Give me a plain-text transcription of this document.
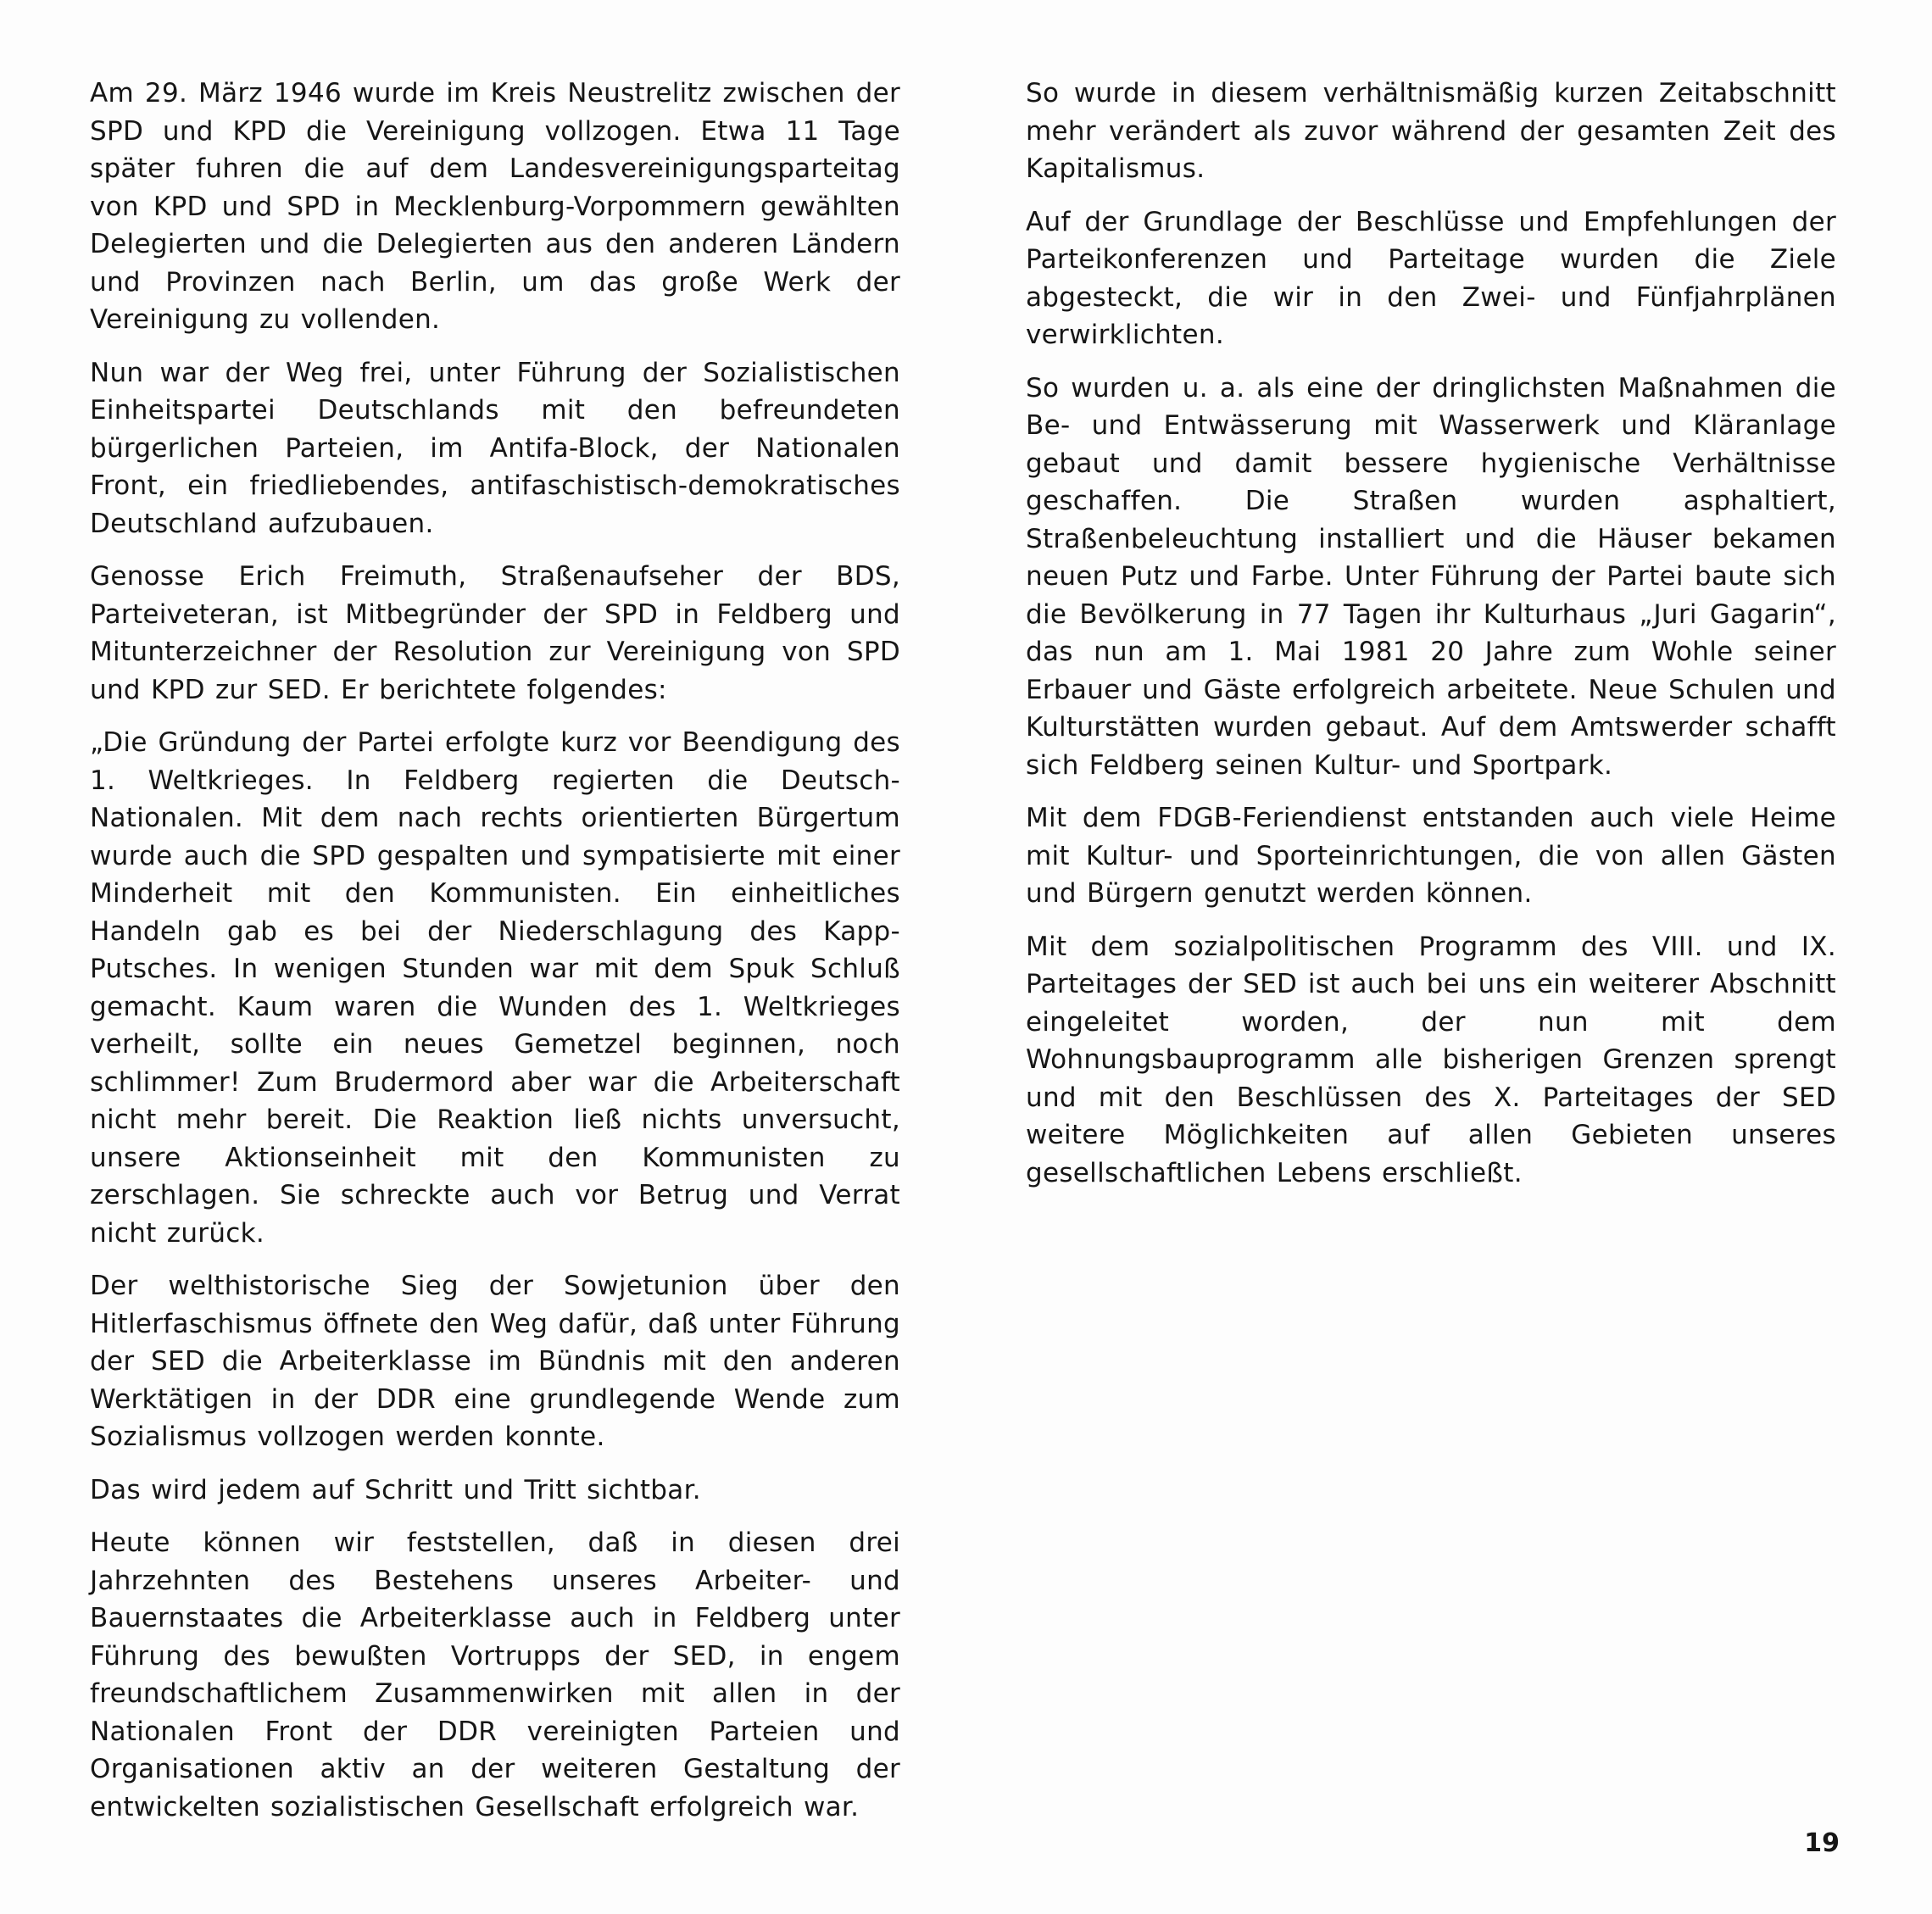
Am 29. März 1946 wurde im Kreis Neustrelitz zwischen der SPD und KPD die Vereinigung vollzogen. Etwa 11 Tage später fuhren die auf dem Landesvereinigungsparteitag von KPD und SPD in Mecklenburg-Vorpommern gewählten Delegierten und die Delegierten aus den anderen Ländern und Provinzen nach Berlin, um das große Werk der Vereinigung zu vollenden.

Nun war der Weg frei, unter Führung der Sozialistischen Einheitspartei Deutschlands mit den befreundeten bürgerlichen Parteien, im Antifa-Block, der Nationalen Front, ein friedliebendes, antifaschistisch-demokratisches Deutschland aufzubauen.

Genosse Erich Freimuth, Straßenaufseher der BDS, Parteiveteran, ist Mitbegründer der SPD in Feldberg und Mitunterzeichner der Resolution zur Vereinigung von SPD und KPD zur SED. Er berichtete folgendes:

„Die Gründung der Partei erfolgte kurz vor Beendigung des 1. Weltkrieges. In Feldberg regierten die Deutsch-Nationalen. Mit dem nach rechts orientierten Bürgertum wurde auch die SPD gespalten und sympatisierte mit einer Minderheit mit den Kommunisten. Ein einheitliches Handeln gab es bei der Niederschlagung des Kapp-Putsches. In wenigen Stunden war mit dem Spuk Schluß gemacht. Kaum waren die Wunden des 1. Weltkrieges verheilt, sollte ein neues Gemetzel beginnen, noch schlimmer! Zum Brudermord aber war die Arbeiterschaft nicht mehr bereit. Die Reaktion ließ nichts unversucht, unsere Aktionseinheit mit den Kommunisten zu zerschlagen. Sie schreckte auch vor Betrug und Verrat nicht zurück.

Der welthistorische Sieg der Sowjetunion über den Hitlerfaschismus öffnete den Weg dafür, daß unter Führung der SED die Arbeiterklasse im Bündnis mit den anderen Werktätigen in der DDR eine grundlegende Wende zum Sozialismus vollzogen werden konnte.

Das wird jedem auf Schritt und Tritt sichtbar.

Heute können wir feststellen, daß in diesen drei Jahrzehnten des Bestehens unseres Arbeiter- und Bauernstaates die Arbeiterklasse auch in Feldberg unter Führung des bewußten Vortrupps der SED, in engem freundschaftlichem Zusammenwirken mit allen in der Nationalen Front der DDR vereinigten Parteien und Organisationen aktiv an der weiteren Gestaltung der entwickelten sozialistischen Gesellschaft erfolgreich war.

So wurde in diesem verhältnismäßig kurzen Zeitabschnitt mehr verändert als zuvor während der gesamten Zeit des Kapitalismus.

Auf der Grundlage der Beschlüsse und Empfehlungen der Parteikonferenzen und Parteitage wurden die Ziele abgesteckt, die wir in den Zwei- und Fünfjahrplänen verwirklichten.

So wurden u. a. als eine der dringlichsten Maßnahmen die Be- und Entwässerung mit Wasserwerk und Kläranlage gebaut und damit bessere hygienische Verhältnisse geschaffen. Die Straßen wurden asphaltiert, Straßenbeleuchtung installiert und die Häuser bekamen neuen Putz und Farbe. Unter Führung der Partei baute sich die Bevölkerung in 77 Tagen ihr Kulturhaus „Juri Gagarin“, das nun am 1. Mai 1981 20 Jahre zum Wohle seiner Erbauer und Gäste erfolgreich arbeitete. Neue Schulen und Kulturstätten wurden gebaut. Auf dem Amtswerder schafft sich Feldberg seinen Kultur- und Sportpark.

Mit dem FDGB-Feriendienst entstanden auch viele Heime mit Kultur- und Sporteinrichtungen, die von allen Gästen und Bürgern genutzt werden können.

Mit dem sozialpolitischen Programm des VIII. und IX. Parteitages der SED ist auch bei uns ein weiterer Abschnitt eingeleitet worden, der nun mit dem Wohnungsbauprogramm alle bisherigen Grenzen sprengt und mit den Beschlüssen des X. Parteitages der SED weitere Möglichkeiten auf allen Gebieten unseres gesellschaftlichen Lebens erschließt.

19
